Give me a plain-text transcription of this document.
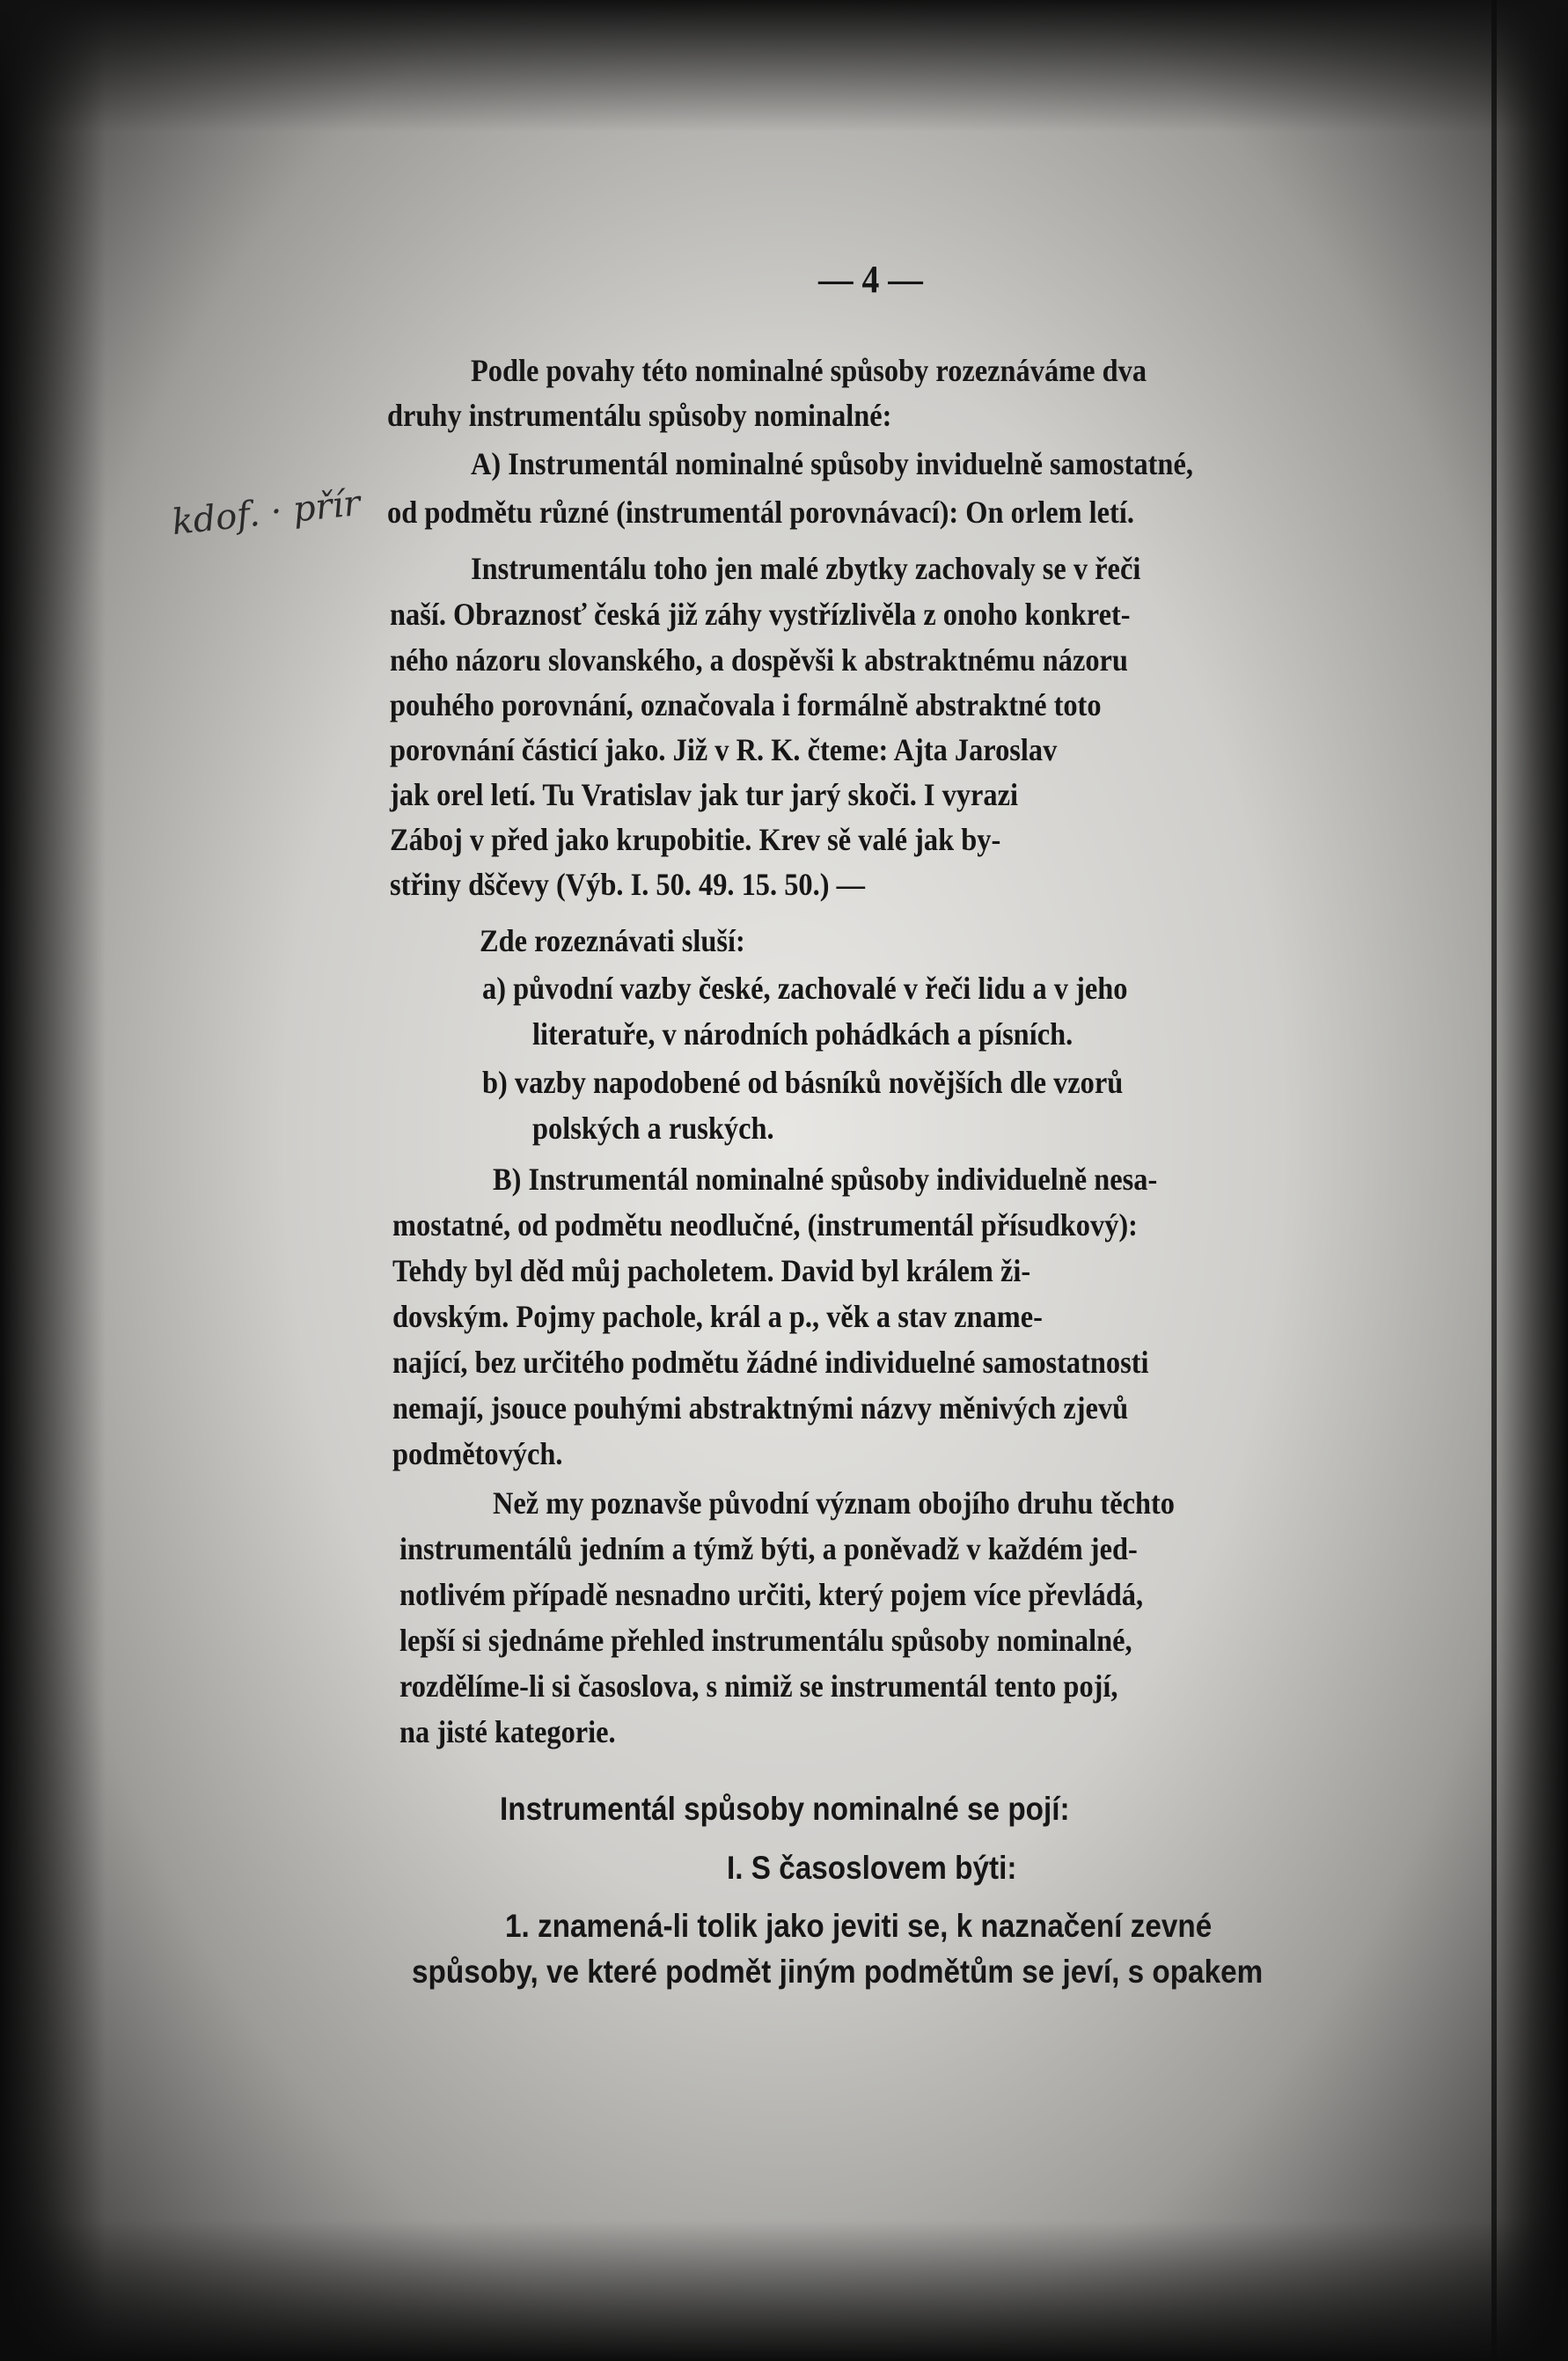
— 4 —
kdof. · přír
Podle povahy této nominalné spůsoby rozeznáváme dva
druhy instrumentálu spůsoby nominalné:
A) Instrumentál nominalné spůsoby inviduelně samostatné,
od podmětu různé (instrumentál porovnávací): On orlem letí.
Instrumentálu toho jen malé zbytky zachovaly se v řeči
naší. Obraznosť česká již záhy vystřízlivěla z onoho konkret-
ného názoru slovanského, a dospěvši k abstraktnému názoru
pouhého porovnání, označovala i formálně abstraktné toto
porovnání částicí jako. Již v R. K. čteme: Ajta Jaroslav
jak orel letí. Tu Vratislav jak tur jarý skoči. I vyrazi
Záboj v před jako krupobitie. Krev sě valé jak by-
střiny dščevy (Výb. I. 50. 49. 15. 50.) —
Zde rozeznávati sluší:
a) původní vazby české, zachovalé v řeči lidu a v jeho
literatuře, v národních pohádkách a písních.
b) vazby napodobené od básníků novějších dle vzorů
polských a ruských.
B) Instrumentál nominalné spůsoby individuelně nesa-
mostatné, od podmětu neodlučné, (instrumentál přísudkový):
Tehdy byl děd můj pacholetem. David byl králem ži-
dovským. Pojmy pachole, král a p., věk a stav zname-
nající, bez určitého podmětu žádné individuelné samostatnosti
nemají, jsouce pouhými abstraktnými názvy měnivých zjevů
podmětových.
Než my poznavše původní význam obojího druhu těchto
instrumentálů jedním a týmž býti, a poněvadž v každém jed-
notlivém případě nesnadno určiti, který pojem více převládá,
lepší si sjednáme přehled instrumentálu spůsoby nominalné,
rozdělíme-li si časoslova, s nimiž se instrumentál tento pojí,
na jisté kategorie.
Instrumentál spůsoby nominalné se pojí:
I. S časoslovem býti:
1. znamená-li tolik jako jeviti se, k naznačení zevné
spůsoby, ve které podmět jiným podmětům se jeví, s opakem
